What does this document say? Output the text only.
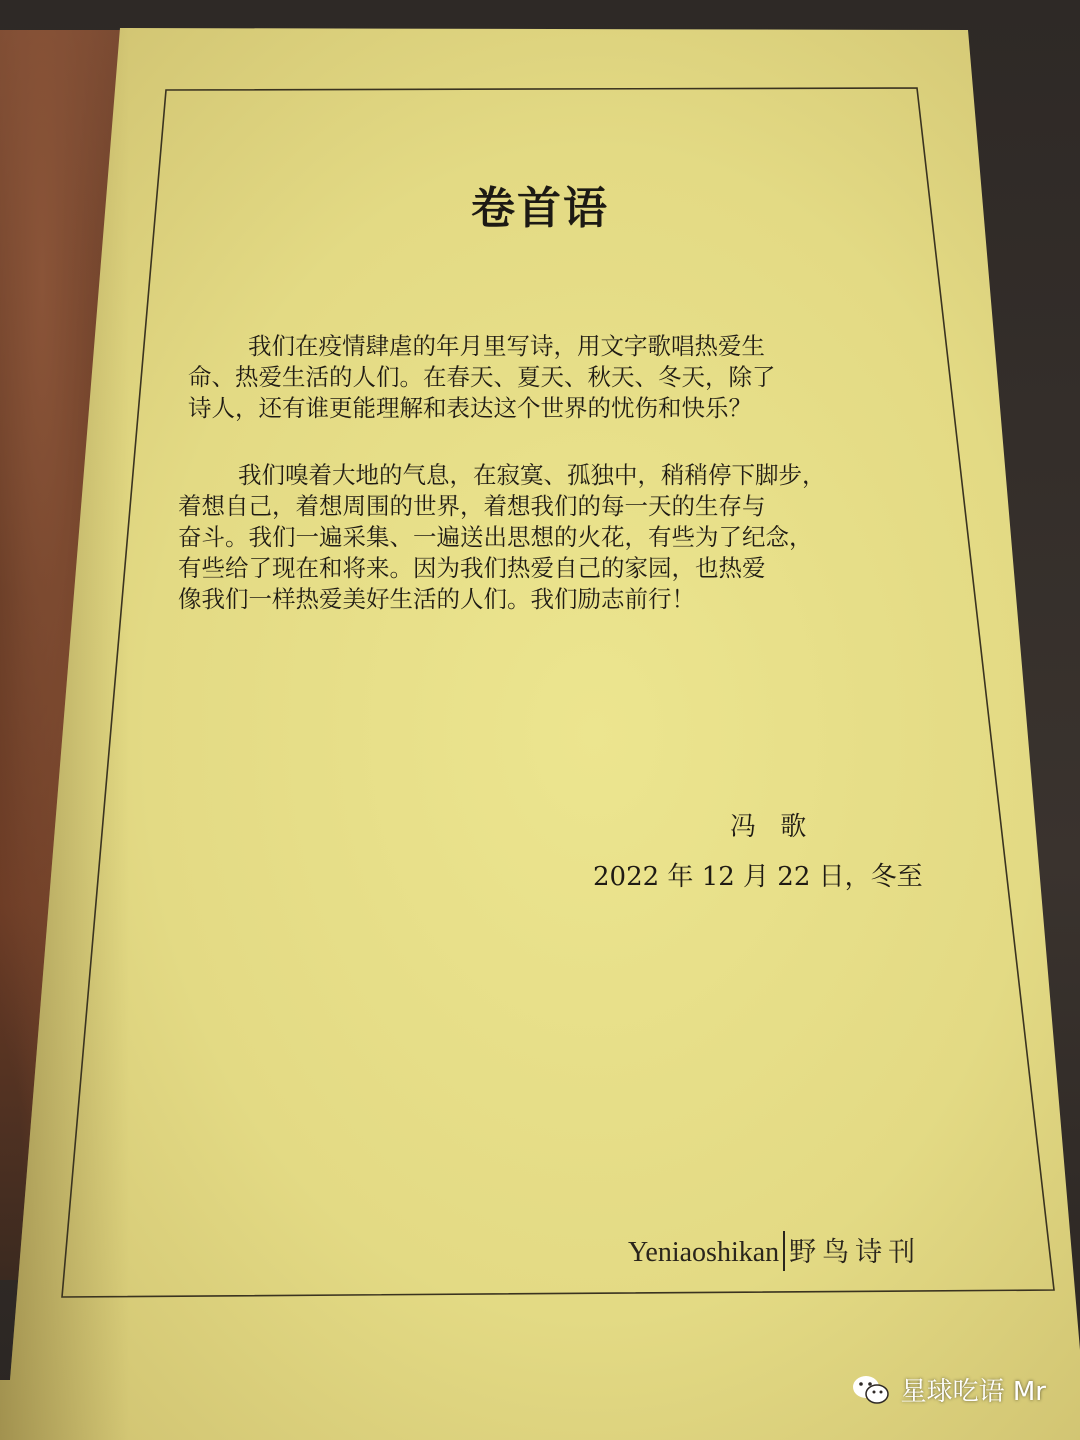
卷首语
我们在疫情肆虐的年月里写诗，用文字歌唱热爱生
命、热爱生活的人们。在春天、夏天、秋天、冬天，除了
诗人，还有谁更能理解和表达这个世界的忧伤和快乐？
我们嗅着大地的气息，在寂寞、孤独中，稍稍停下脚步，
着想自己，着想周围的世界，着想我们的每一天的生存与
奋斗。我们一遍采集、一遍送出思想的火花，有些为了纪念，
有些给了现在和将来。因为我们热爱自己的家园，也热爱
像我们一样热爱美好生活的人们。我们励志前行！
冯 歌
2022 年 12 月 22 日，冬至
Yeniaoshikan 野鸟诗刊
星球吃语 Mr
